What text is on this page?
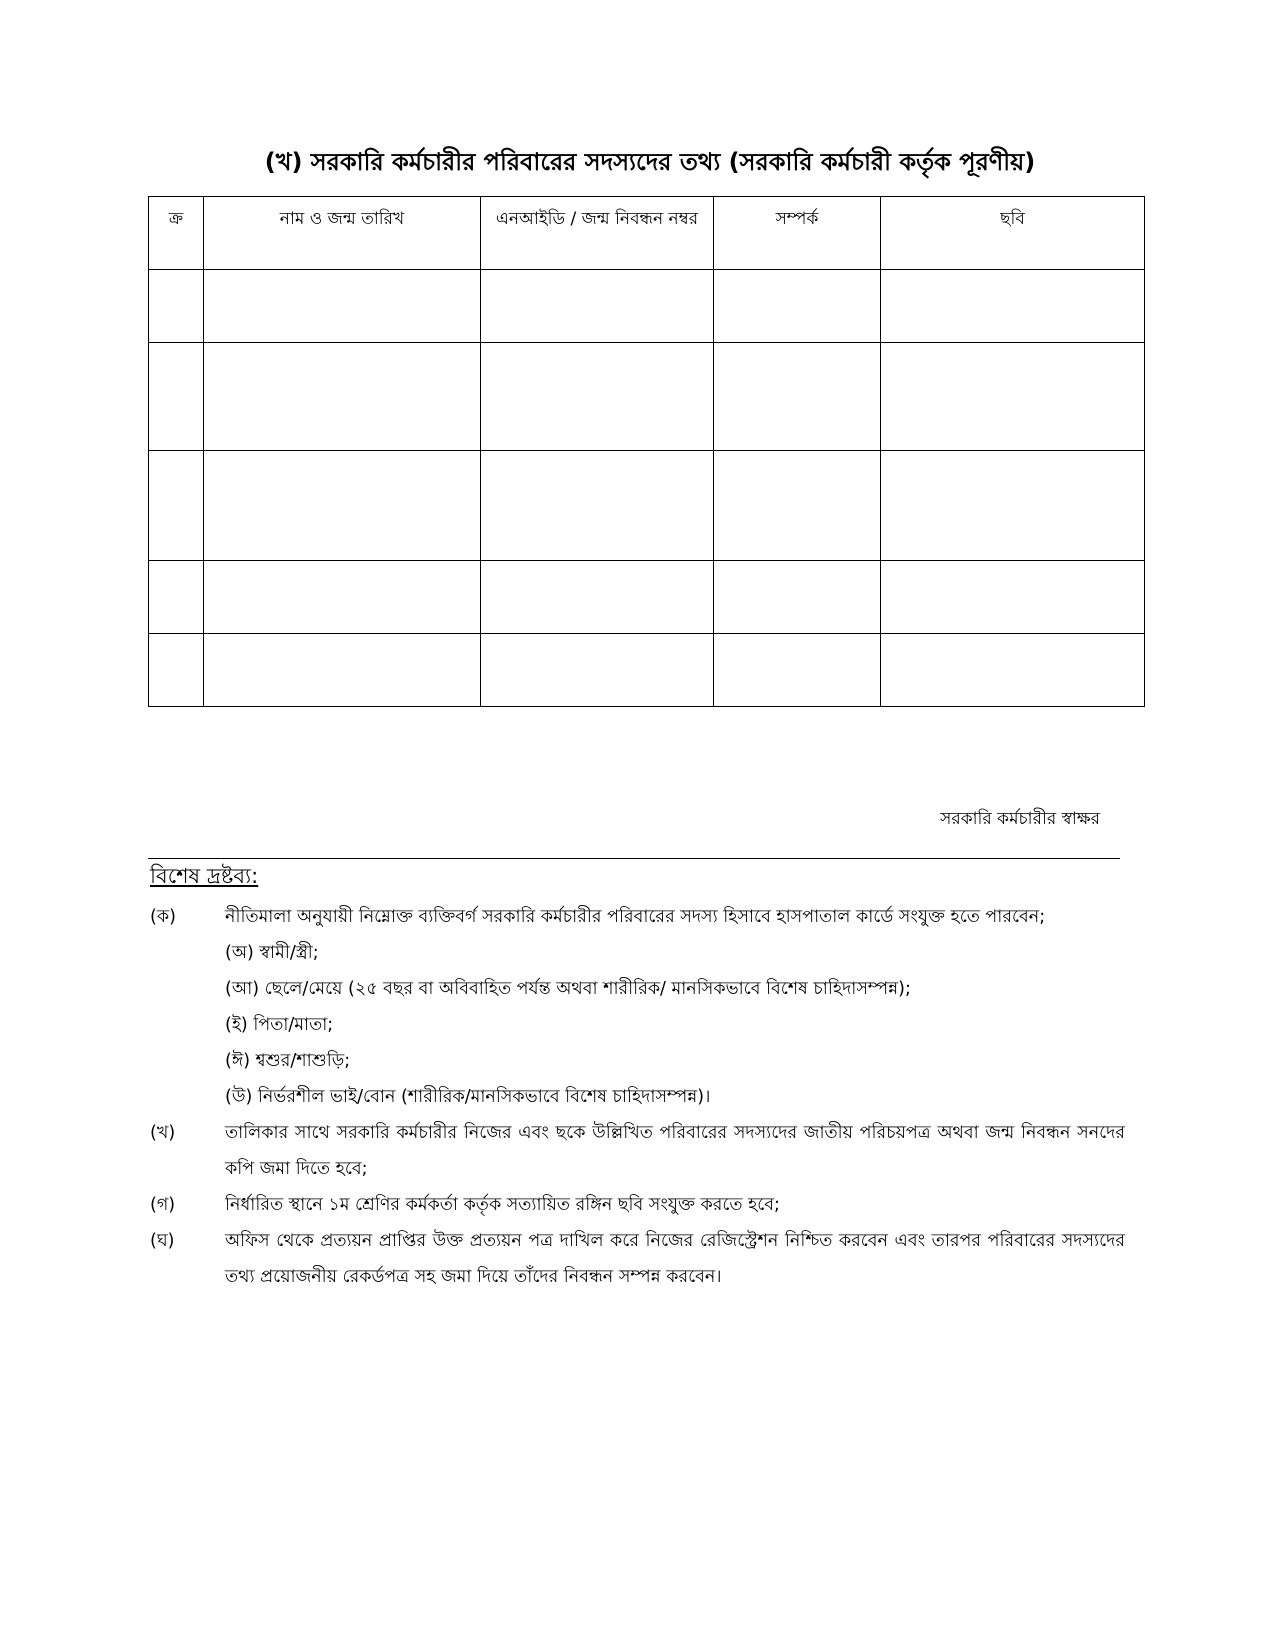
(খ) সরকারি কর্মচারীর পরিবারের সদস্যদের তথ্য (সরকারি কর্মচারী কর্তৃক পূরণীয়)
ক্র	নাম ও জন্ম তারিখ	এনআইডি / জন্ম নিবন্ধন নম্বর	সম্পর্ক	ছবি

সরকারি কর্মচারীর স্বাক্ষর
বিশেষ দ্রষ্টব্য:
(ক)	নীতিমালা অনুযায়ী নিম্নোক্ত ব্যক্তিবর্গ সরকারি কর্মচারীর পরিবারের সদস্য হিসাবে হাসপাতাল কার্ডে সংযুক্ত হতে পারবেন;
(অ) স্বামী/স্ত্রী;
(আ) ছেলে/মেয়ে (২৫ বছর বা অবিবাহিত পর্যন্ত অথবা শারীরিক/ মানসিকভাবে বিশেষ চাহিদাসম্পন্ন);
(ই) পিতা/মাতা;
(ঈ) শ্বশুর/শাশুড়ি;
(উ) নির্ভরশীল ভাই/বোন (শারীরিক/মানসিকভাবে বিশেষ চাহিদাসম্পন্ন)।
(খ)	তালিকার সাথে সরকারি কর্মচারীর নিজের এবং ছকে উল্লিখিত পরিবারের সদস্যদের জাতীয় পরিচয়পত্র অথবা জন্ম নিবন্ধন সনদের কপি জমা দিতে হবে;
(গ)	নির্ধারিত স্থানে ১ম শ্রেণির কর্মকর্তা কর্তৃক সত্যায়িত রঙ্গিন ছবি সংযুক্ত করতে হবে;
(ঘ)	অফিস থেকে প্রত্যয়ন প্রাপ্তির উক্ত প্রত্যয়ন পত্র দাখিল করে নিজের রেজিস্ট্রেশন নিশ্চিত করবেন এবং তারপর পরিবারের সদস্যদের তথ্য প্রয়োজনীয় রেকর্ডপত্র সহ জমা দিয়ে তাঁদের নিবন্ধন সম্পন্ন করবেন।
